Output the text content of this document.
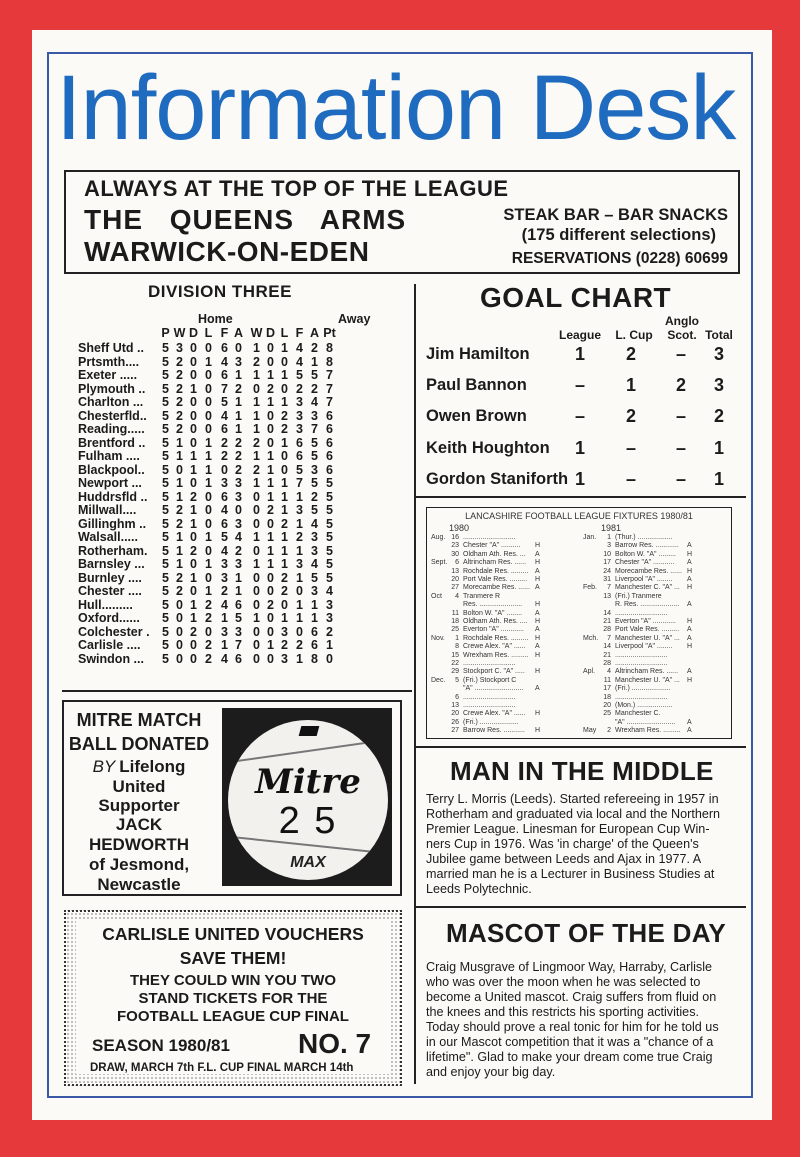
Information Desk
ALWAYS AT THE TOP OF THE LEAGUE
THE QUEENS ARMS
WARWICK-ON-EDEN
STEAK BAR – BAR SNACKS
(175 different selections)
RESERVATIONS (0228) 60699
DIVISION THREE
Home	Away
P W D L F A W D L F A Pt
Sheff Utd ..	5 3 0 0 6 0 1 0 1 4 2 8
Prtsmth....	5 2 0 1 4 3 2 0 0 4 1 8
Exeter .....	5 2 0 0 6 1 1 1 1 5 5 7
Plymouth ..	5 2 1 0 7 2 0 2 0 2 2 7
Charlton ...	5 2 0 0 5 1 1 1 1 3 4 7
Chesterfld..	5 2 0 0 4 1 1 0 2 3 3 6
Reading.....	5 2 0 0 6 1 1 0 2 3 7 6
Brentford ..	5 1 0 1 2 2 2 0 1 6 5 6
Fulham ....	5 1 1 1 2 2 1 1 0 6 5 6
Blackpool..	5 0 1 1 0 2 2 1 0 5 3 6
Newport ...	5 1 0 1 3 3 1 1 1 7 5 5
Huddrsfld ..	5 1 2 0 6 3 0 1 1 1 2 5
Millwall....	5 2 1 0 4 0 0 2 1 3 5 5
Gillinghm ..	5 2 1 0 6 3 0 0 2 1 4 5
Walsall.....	5 1 0 1 5 4 1 1 1 2 3 5
Rotherham.	5 1 2 0 4 2 0 1 1 1 3 5
Barnsley ...	5 1 0 1 3 3 1 1 1 3 4 5
Burnley ....	5 2 1 0 3 1 0 0 2 1 5 5
Chester ....	5 2 0 1 2 1 0 0 2 0 3 4
Hull.........	5 0 1 2 4 6 0 2 0 1 1 3
Oxford......	5 0 1 2 1 5 1 0 1 1 1 3
Colchester . 5 0 2 0 3 3 0 0 3 0 6 2
Carlisle ....	5 0 0 2 1 7 0 1 2 2 6 1
Swindon ...	5 0 0 2 4 6 0 0 3 1 8 0
GOAL CHART
League L. Cup
Anglo
Scot. Total
Jim Hamilton	1	2	–	3
Paul Bannon	–	1	2	3
Owen Brown	–	2	–	2
Keith Houghton	1	–	–	1
Gordon Staniforth 1	–	–	1
LANCASHIRE FOOTBALL LEAGUE FIXTURES 1980/81
1980	1981
Aug. 16 ...........................
23 Chester "A" .......... H
30 Oldham Ath. Res. ... A
Sept.	6 Altrincham Res. ...... H
13 Rochdale Res. ......... A
20 Port Vale Res. ......... H
27 Morecambe Res. ...... A
Oct	4 Tranmere R
Res. ...................... H
11 Bolton W. "A" ........ A
18 Oldham Ath. Res. .... H
25 Everton "A" ............ A
Nov.	1 Rochdale Res. ......... H
8 Crewe Alex. "A" ...... A
15 Wrexham Res. ......... H
22 ...........................
29 Stockport C. "A" ..... H
Dec.	5 (Fri.) Stockport C
"A" ......................... A
6 ...........................
13 ...........................
20 Crewe Alex. "A" ...... H
26 (Fri.) ....................
27 Barrow Res. ........... H
Jan.	1 (Thur.) ..................
3 Barrow Res. ............ A
10 Bolton W. "A" ......... H
17 Chester "A" ........... A
24 Morecambe Res. ...... H
31 Liverpool "A" ........ A
Feb.	7 Manchester C. "A" ... H
13 (Fri.) Tranmere
R. Res. .................... A
14 ...........................
21 Everton "A" ............ H
28 Port Vale Res. ......... A
Mch.	7 Manchester U. "A" ... A
14 Liverpool "A" ........ H
21 ...........................
28 ...........................
Apl.	4 Altrincham Res. ...... A
11 Manchester U. "A" ... H
17 (Fri.) ....................
18 ...........................
20 (Mon.) ..................
25 Manchester C.
"A" ......................... A
May	2 Wrexham Res. ......... A
MITRE MATCH
BALL DONATED
BY Lifelong
United
Supporter
JACK
HEDWORTH
of Jesmond,
Newcastle
Mitre
2 5
MAX
CARLISLE UNITED VOUCHERS
SAVE THEM!
THEY COULD WIN YOU TWO
STAND TICKETS FOR THE
FOOTBALL LEAGUE CUP FINAL
SEASON 1980/81 NO. 7
DRAW, MARCH 7th F.L. CUP FINAL MARCH 14th
MAN IN THE MIDDLE
Terry L. Morris (Leeds). Started refereeing in 1957 in
Rotherham and graduated via local and the Northern
Premier League. Linesman for European Cup Win-
ners Cup in 1976. Was 'in charge' of the Queen's
Jubilee game between Leeds and Ajax in 1977. A
married man he is a Lecturer in Business Studies at
Leeds Polytechnic.
MASCOT OF THE DAY
Craig Musgrave of Lingmoor Way, Harraby, Carlisle
who was over the moon when he was selected to
become a United mascot. Craig suffers from fluid on
the knees and this restricts his sporting activities.
Today should prove a real tonic for him for he told us
in our Mascot competition that it was a "chance of a
lifetime". Glad to make your dream come true Craig
and enjoy your big day.
